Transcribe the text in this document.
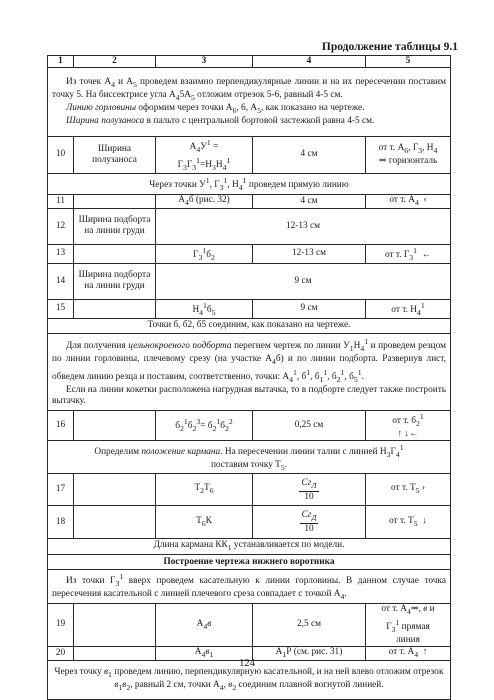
Продолжение таблицы 9.1
1	2	3	4	5

Из точек $А_4$ и $А_5$ проведем взаимно перпендикулярные линии и на их пересечении поставим точку 5. На биссектрисе угла $А_45А_5$ отложим отрезок 5-6, равный 4-5 см.
Линию горловины оформим через точки $А_6$, 6, $А_5$, как показано на чертеже.
Ширина полузаноса в пальто с центральной бортовой застежкой равна 4-5 см.				

10	Ширина полузаноса	$А_4У^1$ =
$Г_3Г_3^1=Н_3Н_4^1$	4 см	от т. $А_6$, $Г_3$, $Н_4$
⇒ горизонталь
Через точки $У^1$, $Г_3^1$, $Н_4^1$ проведем прямую линию				
11		$А_4б$ (рис. 32)	4 см	от т. $А_4$  ‹
12	Ширина подборта на линии груди	12-13 см		
13		$Г_3^1б_2$	12-13 см	от т. $Г_3^1$  ←
14	Ширина подборта на линии груди	9 см		
15		$Н_4^1б_5$	9 см	от т. $Н_4^1$
Точки б, б2, б5 соединим, как показано на чертеже.				

Для получения цельнокроеного подборта перегнем чертеж по линии $У_1Н_4^1$ и проведем резцом по линии горловины, плечевому срезу (на участке $А_4б$) и по линии подборта. Развернув лист, обведем линию резца и поставим, соответственно, точки: $А_4^1$, $б^1$, $б_1^1$, $б_2^1$, $б_5^1$.
Если на линии кокетки расположена нагрудная вытачка, то в подборте следует также построить вытачку.				

16		$б_2^1б_2^3= б_2^1б_2^2$	0,25 см	от т. $б_2^1$
↑ ↓←
Определим положение кармана. На пересечении линии талии с линией $Н_3Г_4^1$
поставим точку $Т_5$.				
17		$Т_2Т_6$	$\frac{Сг_Л}{10}$	от т. $Т_5$ ›
18		$Т_6К$	$\frac{Сг_Д}{10}$	от т. $Т_5$  ↓
Длина кармана $КК_1$ устанавливается по модели.				
Построение чертежа нижнего воротника				

Из точки $Г_3^1$ вверх проведем касательную к линии горловины. В данном случае точка пересечения касательной с линией плечевого среза совпадает с точкой $А_4$.				

19		$А_4в$	2,5 см	от т. $А_4\Rightarrow$, в и
$Г_3^1$ прямая
линия
20		$А_4в_1$	$А_1Р$ (см. рис. 31)	от т. $А_4$  ↑
Через точку $в_1$ проведем линию, перпендикулярную касательной, и на ней влево отложим отрезок $в_1в_2$, равный 2 см, точки $А_4$, $в_2$ соединим плавной вогнутой линией.				
124
